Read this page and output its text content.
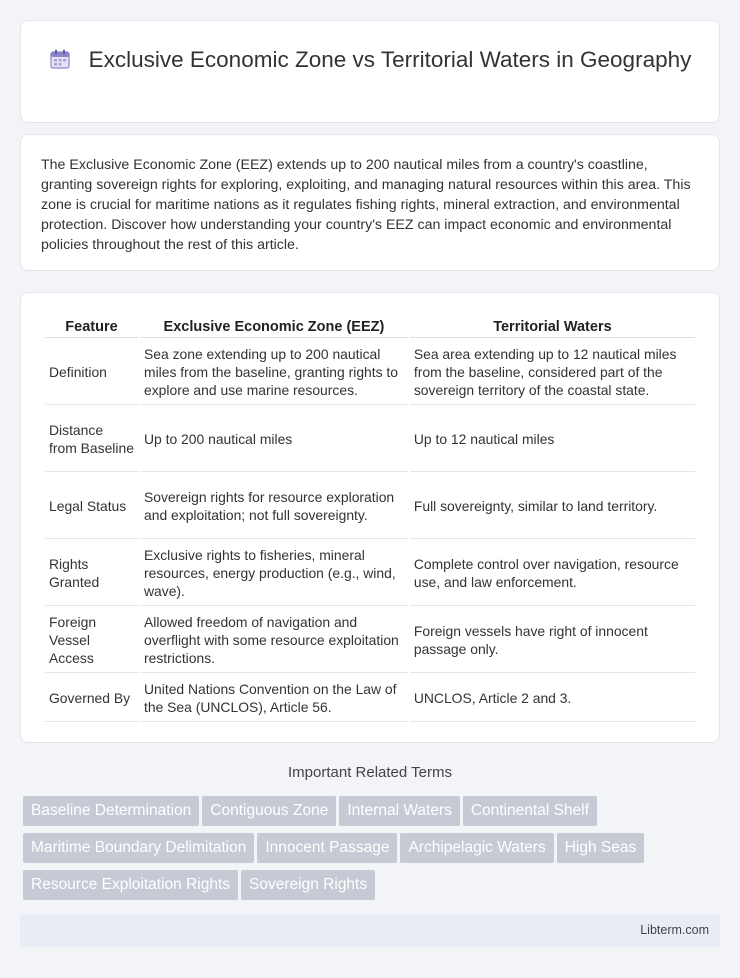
Exclusive Economic Zone vs Territorial Waters in Geography

The Exclusive Economic Zone (EEZ) extends up to 200 nautical miles from a country's coastline, granting sovereign rights for exploring, exploiting, and managing natural resources within this area. This zone is crucial for maritime nations as it regulates fishing rights, mineral extraction, and environmental protection. Discover how understanding your country's EEZ can impact economic and environmental policies throughout the rest of this article.

Feature	Exclusive Economic Zone (EEZ)	Territorial Waters
Definition	Sea zone extending up to 200 nautical miles from the baseline, granting rights to explore and use marine resources.	Sea area extending up to 12 nautical miles from the baseline, considered part of the sovereign territory of the coastal state.
Distance from Baseline	Up to 200 nautical miles	Up to 12 nautical miles
Legal Status	Sovereign rights for resource exploration and exploitation; not full sovereignty.	Full sovereignty, similar to land territory.
Rights Granted	Exclusive rights to fisheries, mineral resources, energy production (e.g., wind, wave).	Complete control over navigation, resource use, and law enforcement.
Foreign Vessel Access	Allowed freedom of navigation and overflight with some resource exploitation restrictions.	Foreign vessels have right of innocent passage only.
Governed By	United Nations Convention on the Law of the Sea (UNCLOS), Article 56.	UNCLOS, Article 2 and 3.
Important Related Terms
Baseline Determination Contiguous Zone Internal Waters Continental ShelfMaritime Boundary Delimitation Innocent Passage Archipelagic Waters High SeasResource Exploitation Rights Sovereign Rights
Libterm.com
